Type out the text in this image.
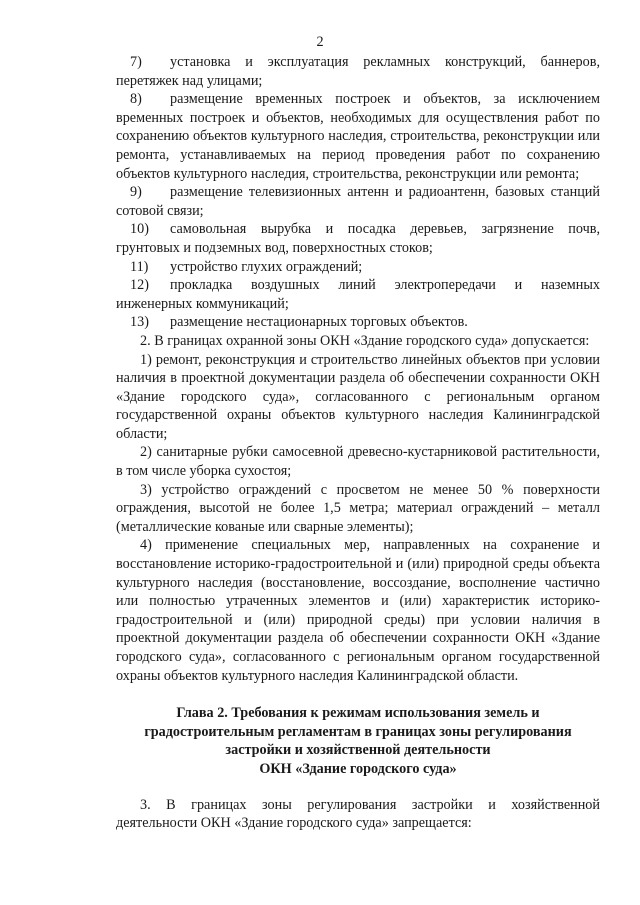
2

7) установка и эксплуатация рекламных конструкций, баннеров, перетяжек над улицами;

8) размещение временных построек и объектов, за исключением временных построек и объектов, необходимых для осуществления работ по сохранению объектов культурного наследия, строительства, реконструкции или ремонта, устанавливаемых на период проведения работ по сохранению объектов культурного наследия, строительства, реконструкции или ремонта;

9) размещение телевизионных антенн и радиоантенн, базовых станций сотовой связи;

10) самовольная вырубка и посадка деревьев, загрязнение почв, грунтовых и подземных вод, поверхностных стоков;

11) устройство глухих ограждений;

12) прокладка воздушных линий электропередачи и наземных инженерных коммуникаций;

13) размещение нестационарных торговых объектов.

2. В границах охранной зоны ОКН «Здание городского суда» допускается:

1) ремонт, реконструкция и строительство линейных объектов при условии наличия в проектной документации раздела об обеспечении сохранности ОКН «Здание городского суда», согласованного с региональным органом государственной охраны объектов культурного наследия Калининградской области;

2) санитарные рубки самосевной древесно-кустарниковой растительности, в том числе уборка сухостоя;

3) устройство ограждений с просветом не менее 50 % поверхности ограждения, высотой не более 1,5 метра; материал ограждений – металл (металлические кованые или сварные элементы);

4) применение специальных мер, направленных на сохранение и восстановление историко-градостроительной и (или) природной среды объекта культурного наследия (восстановление, воссоздание, восполнение частично или полностью утраченных элементов и (или) характеристик историко-градостроительной и (или) природной среды) при условии наличия в проектной документации раздела об обеспечении сохранности ОКН «Здание городского суда», согласованного с региональным органом государственной охраны объектов культурного наследия Калининградской области.

Глава 2. Требования к режимам использования земель и
градостроительным регламентам в границах зоны регулирования
застройки и хозяйственной деятельности
ОКН «Здание городского суда»

3. В границах зоны регулирования застройки и хозяйственной деятельности ОКН «Здание городского суда» запрещается:
